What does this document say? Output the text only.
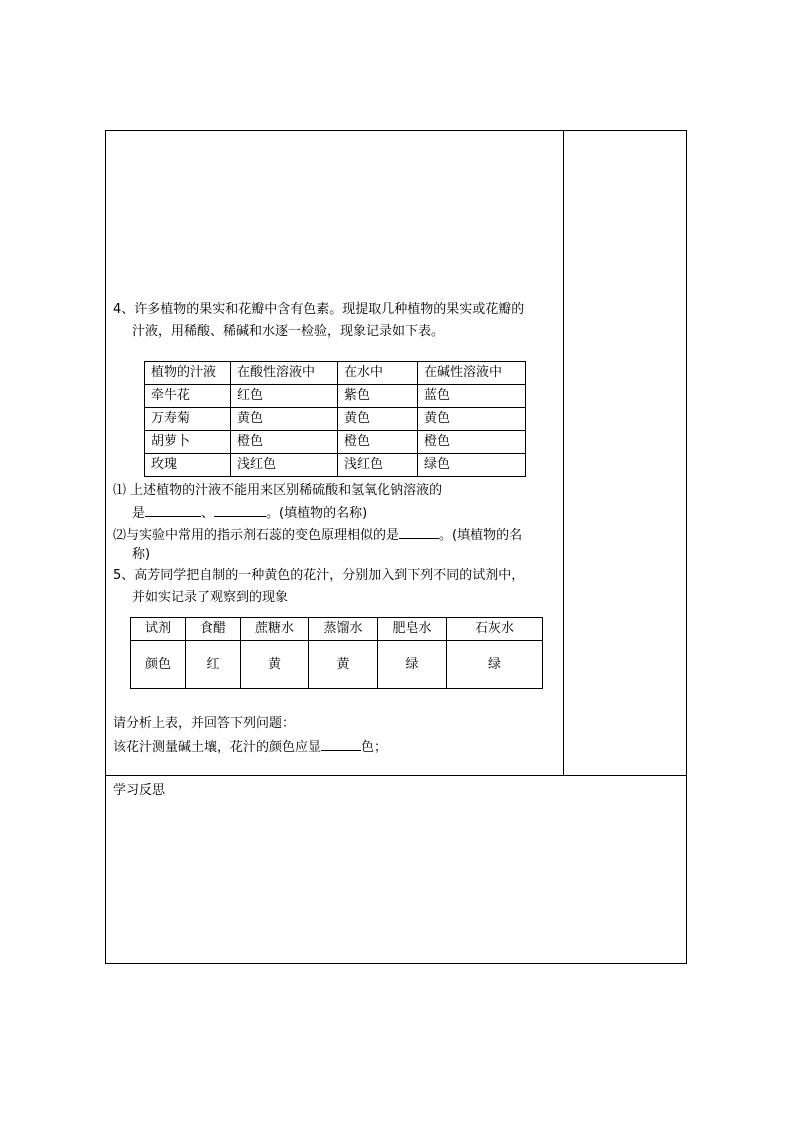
4、许多植物的果实和花瓣中含有色素。现提取几种植物的果实或花瓣的
汁液，用稀酸、稀碱和水逐一检验，现象记录如下表。
植物的汁液	在酸性溶液中	在水中	在碱性溶液中
牵牛花	红色	紫色	蓝色
万寿菊	黄色	黄色	黄色
胡萝卜	橙色	橙色	橙色
玫瑰	浅红色	浅红色	绿色
⑴ 上述植物的汁液不能用来区别稀硫酸和氢氧化钠溶液的
是	、	。(填植物的名称)
⑵与实验中常用的指示剂石蕊的变色原理相似的是	。(填植物的名
称)
5、高芳同学把自制的一种黄色的花汁，分别加入到下列不同的试剂中，
并如实记录了观察到的现象
试剂	食醋	蔗糖水	蒸馏水	肥皂水	石灰水
颜色	红	黄	黄	绿	绿
请分析上表，并回答下列问题：
该花汁测量碱土壤，花汁的颜色应显	色；
学习反思
